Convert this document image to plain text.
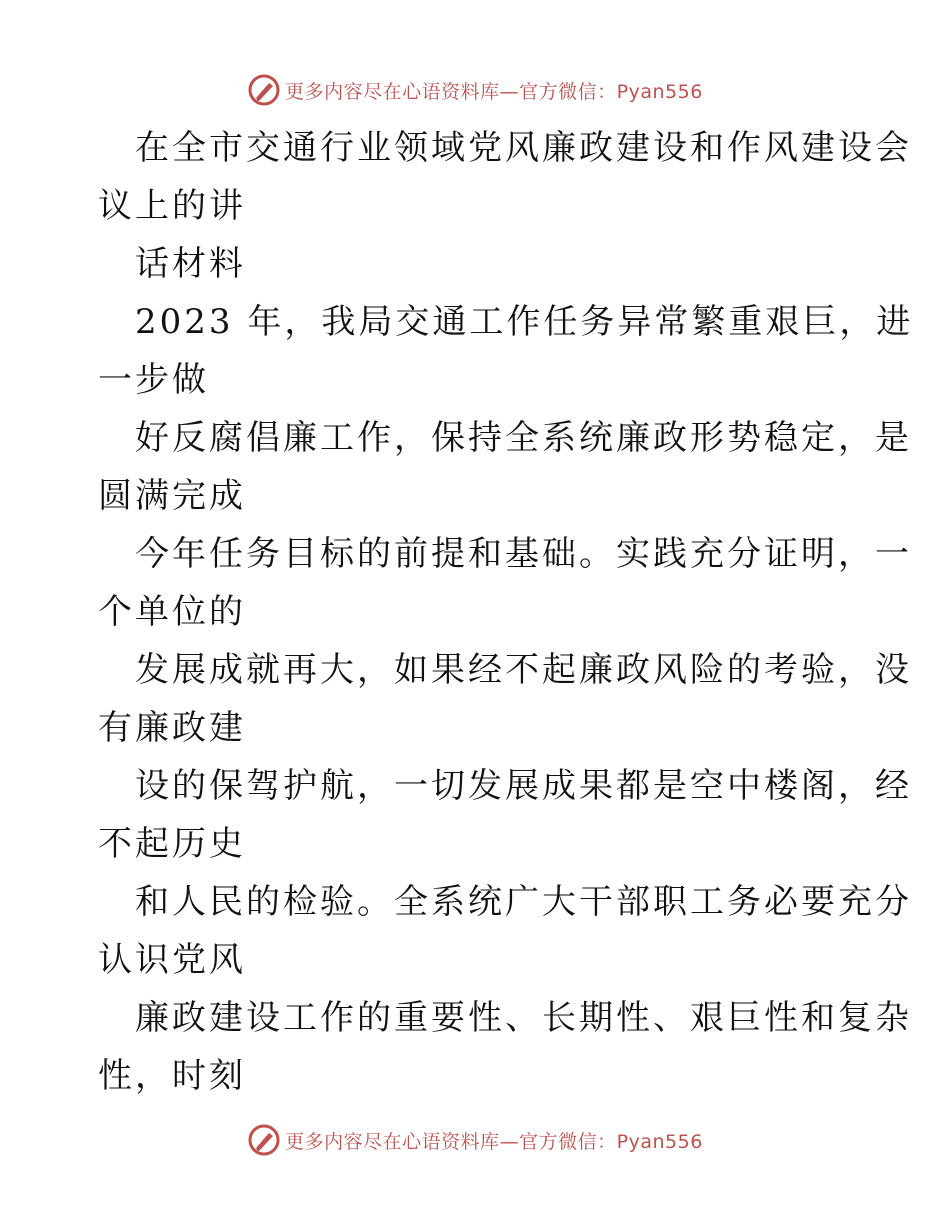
更多内容尽在心语资料库—官方微信：Pyan556
在全市交通行业领域党风廉政建设和作风建设会
议上的讲
话材料
2023 年，我局交通工作任务异常繁重艰巨，进
一步做
好反腐倡廉工作，保持全系统廉政形势稳定，是
圆满完成
今年任务目标的前提和基础。实践充分证明，一
个单位的
发展成就再大，如果经不起廉政风险的考验，没
有廉政建
设的保驾护航，一切发展成果都是空中楼阁，经
不起历史
和人民的检验。全系统广大干部职工务必要充分
认识党风
廉政建设工作的重要性、长期性、艰巨性和复杂
性，时刻
更多内容尽在心语资料库—官方微信：Pyan556
